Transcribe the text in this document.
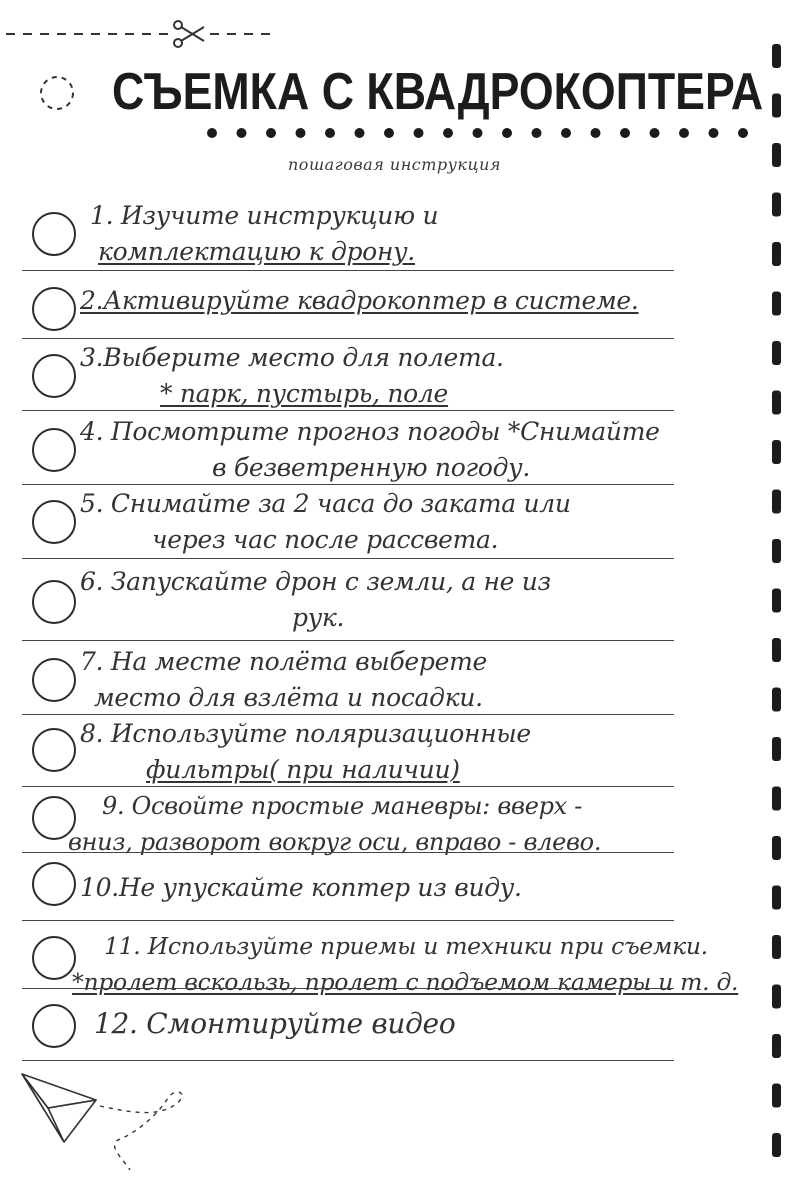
СЪЕМКА С КВАДРОКОПТЕРА
пошаговая инструкция
1. Изучите инструкцию и
комплектацию к дрону.
2.Активируйте квадрокоптер в системе.
3.Выберите место для полета.
* парк, пустырь, поле
4. Посмотрите прогноз погоды *Снимайте
в безветренную погоду.
5. Снимайте за 2 часа до заката или
через час после рассвета.
6. Запускайте дрон с земли, а не из
рук.
7. На месте полёта выберете
место для взлёта и посадки.
8. Используйте поляризационные
фильтры( при наличии)
9. Освойте простые маневры: вверх -
вниз, разворот вокруг оси, вправо - влево.
10.Не упускайте коптер из виду.
11. Используйте приемы и техники при съемки.
*пролет вскользь, пролет с подъемом камеры и т. д.
12. Смонтируйте видео
